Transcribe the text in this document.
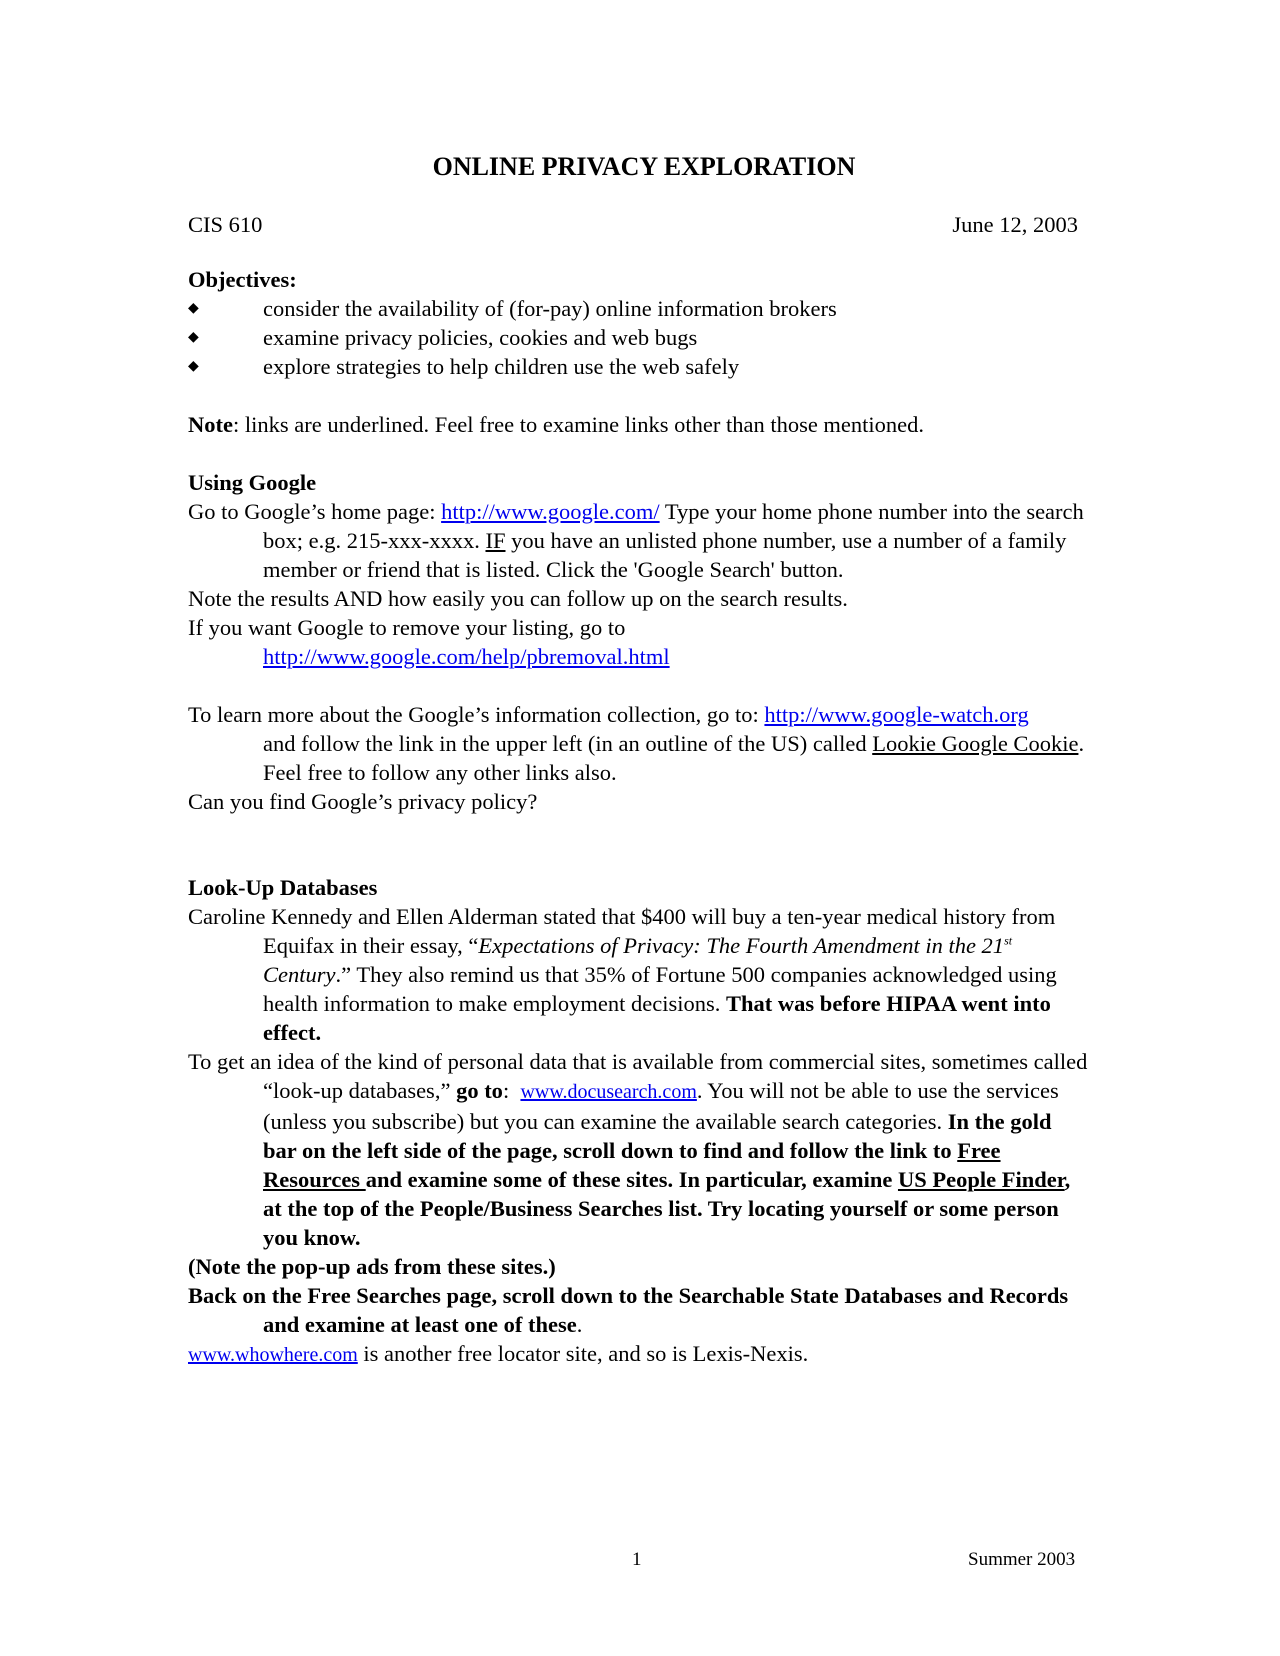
ONLINE PRIVACY EXPLORATION
CIS 610	June 12, 2003
Objectives:
◆	consider the availability of (for-pay) online information brokers
◆	examine privacy policies, cookies and web bugs
◆	explore strategies to help children use the web safely

Note: links are underlined. Feel free to examine links other than those mentioned.

Using Google

Go to Google’s home page: http://www.google.com/ Type your home phone number into the search box; e.g. 215-xxx-xxxx. IF you have an unlisted phone number, use a number of a family member or friend that is listed. Click the 'Google Search' button.

Note the results AND how easily you can follow up on the search results.

If you want Google to remove your listing, go to
http://www.google.com/help/pbremoval.html

To learn more about the Google’s information collection, go to: http://www.google-watch.org         and follow the link in the upper left (in an outline of the US) called Lookie Google Cookie. Feel free to follow any other links also.

Can you find Google’s privacy policy?

Look-Up Databases

Caroline Kennedy and Ellen Alderman stated that $400 will buy a ten-year medical history from Equifax in their essay, “Expectations of Privacy: The Fourth Amendment in the 21st Century.” They also remind us that 35% of Fortune 500 companies acknowledged using health information to make employment decisions. That was before HIPAA went into effect.

To get an idea of the kind of personal data that is available from commercial sites, sometimes called “look-up databases,” go to:  www.docusearch.com. You will not be able to use the services (unless you subscribe) but you can examine the available search categories. In the gold bar on the left side of the page, scroll down to find and follow the link to Free Resources and examine some of these sites. In particular, examine US People Finder, at the top of the People/Business Searches list. Try locating yourself or some person you know.

(Note the pop-up ads from these sites.)

Back on the Free Searches page, scroll down to the Searchable State Databases and Records and examine at least one of these.

www.whowhere.com is another free locator site, and so is Lexis-Nexis.

1	Summer 2003
